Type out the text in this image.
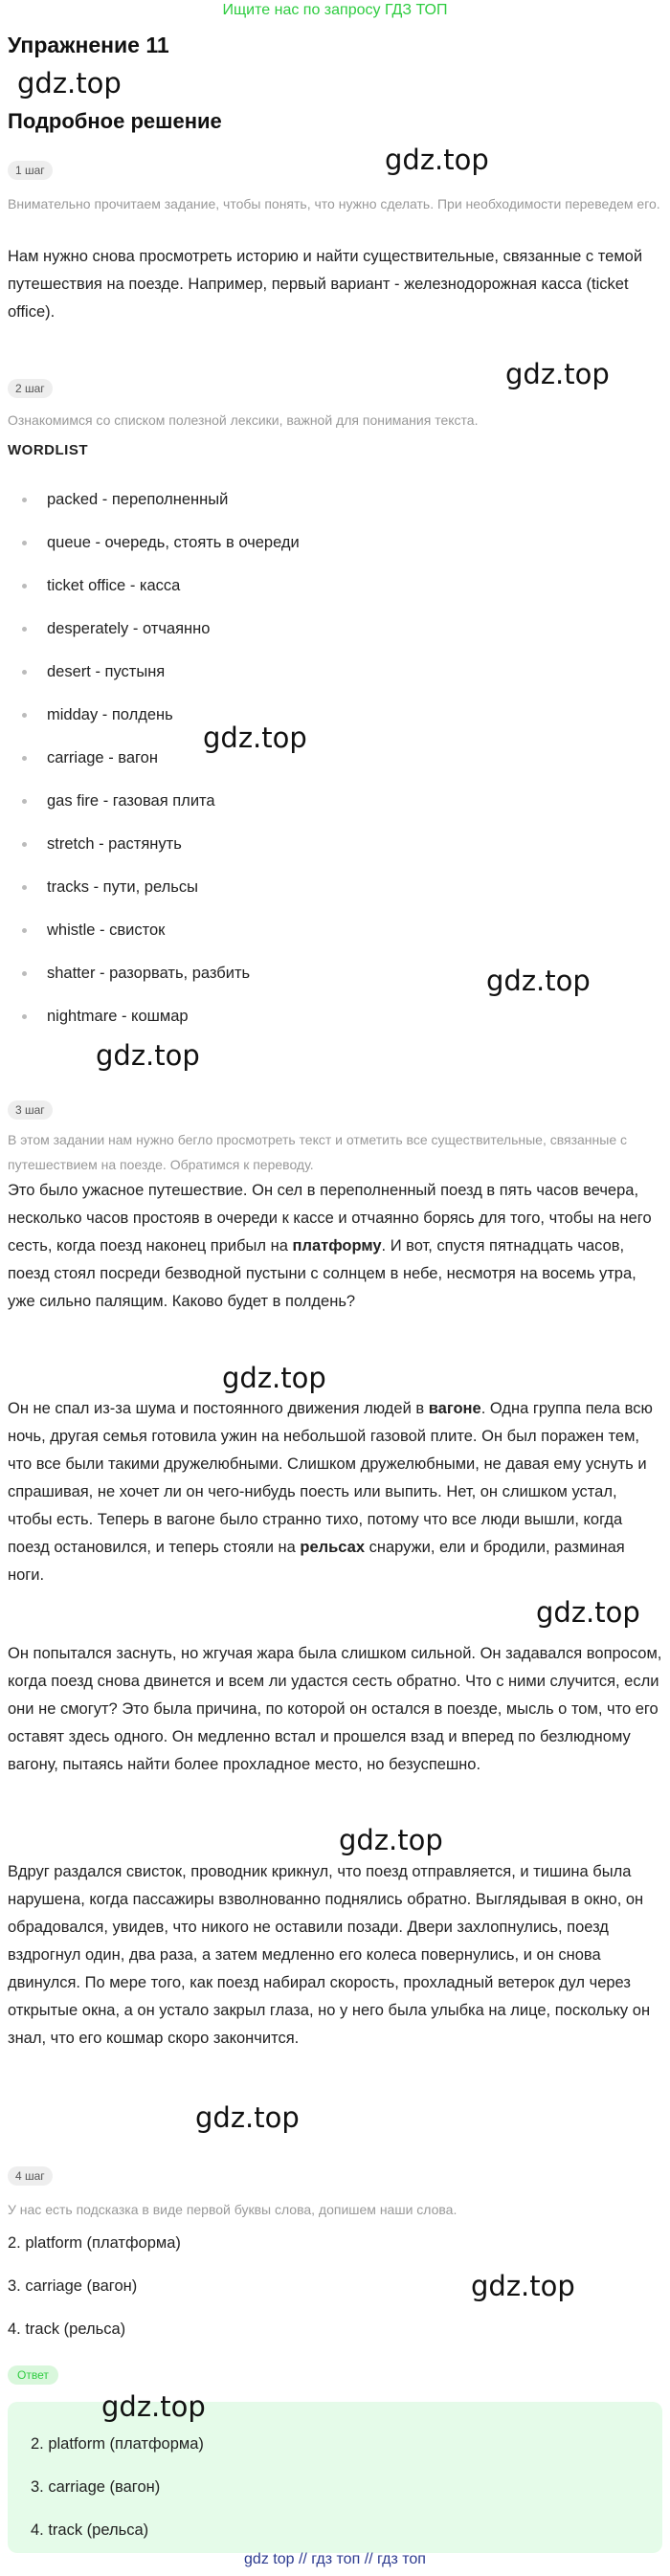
Ищите нас по запросу ГДЗ ТОП
Упражнение 11
gdz.top
Подробное решение
gdz.top
1 шаг
Внимательно прочитаем задание, чтобы понять, что нужно сделать. При необходимости переведем его.
Нам нужно снова просмотреть историю и найти существительные, связанные с темой путешествия на поезде. Например, первый вариант - железнодорожная касса (ticket office).
gdz.top
2 шаг
Ознакомимся со списком полезной лексики, важной для понимания текста.
WORDLIST
packed - переполненный
queue - очередь, стоять в очереди
ticket office - касса
desperately - отчаянно
desert - пустыня
midday - полдень
carriage - вагон
gas fire - газовая плита
stretch - растянуть
tracks - пути, рельсы
whistle - свисток
shatter - разорвать, разбить
nightmare - кошмар
gdz.top
gdz.top
gdz.top
3 шаг
В этом задании нам нужно бегло просмотреть текст и отметить все существительные, связанные с путешествием на поезде. Обратимся к переводу.
Это было ужасное путешествие. Он сел в переполненный поезд в пять часов вечера, несколько часов простояв в очереди к кассе и отчаянно борясь для того, чтобы на него сесть, когда поезд наконец прибыл на платформу. И вот, спустя пятнадцать часов, поезд стоял посреди безводной пустыни с солнцем в небе, несмотря на восемь утра, уже сильно палящим. Каково будет в полдень?
gdz.top
Он не спал из-за шума и постоянного движения людей в вагоне. Одна группа пела всю ночь, другая семья готовила ужин на небольшой газовой плите. Он был поражен тем, что все были такими дружелюбными. Слишком дружелюбными, не давая ему уснуть и спрашивая, не хочет ли он чего-нибудь поесть или выпить. Нет, он слишком устал, чтобы есть. Теперь в вагоне было странно тихо, потому что все люди вышли, когда поезд остановился, и теперь стояли на рельсах снаружи, ели и бродили, разминая ноги.
gdz.top
Он попытался заснуть, но жгучая жара была слишком сильной. Он задавался вопросом, когда поезд снова двинется и всем ли удастся сесть обратно. Что с ними случится, если они не смогут? Это была причина, по которой он остался в поезде, мысль о том, что его оставят здесь одного. Он медленно встал и прошелся взад и вперед по безлюдному вагону, пытаясь найти более прохладное место, но безуспешно.
gdz.top
Вдруг раздался свисток, проводник крикнул, что поезд отправляется, и тишина была нарушена, когда пассажиры взволнованно поднялись обратно. Выглядывая в окно, он обрадовался, увидев, что никого не оставили позади. Двери захлопнулись, поезд вздрогнул один, два раза, а затем медленно его колеса повернулись, и он снова двинулся. По мере того, как поезд набирал скорость, прохладный ветерок дул через открытые окна, а он устало закрыл глаза, но у него была улыбка на лице, поскольку он знал, что его кошмар скоро закончится.
gdz.top
4 шаг
У нас есть подсказка в виде первой буквы слова, допишем наши слова.
2. platform (платформа)
3. carriage (вагон)
4. track (рельса)
gdz.top
Ответ
2. platform (платформа)
3. carriage (вагон)
4. track (рельса)
gdz.top
gdz top // гдз топ // гдз топ
